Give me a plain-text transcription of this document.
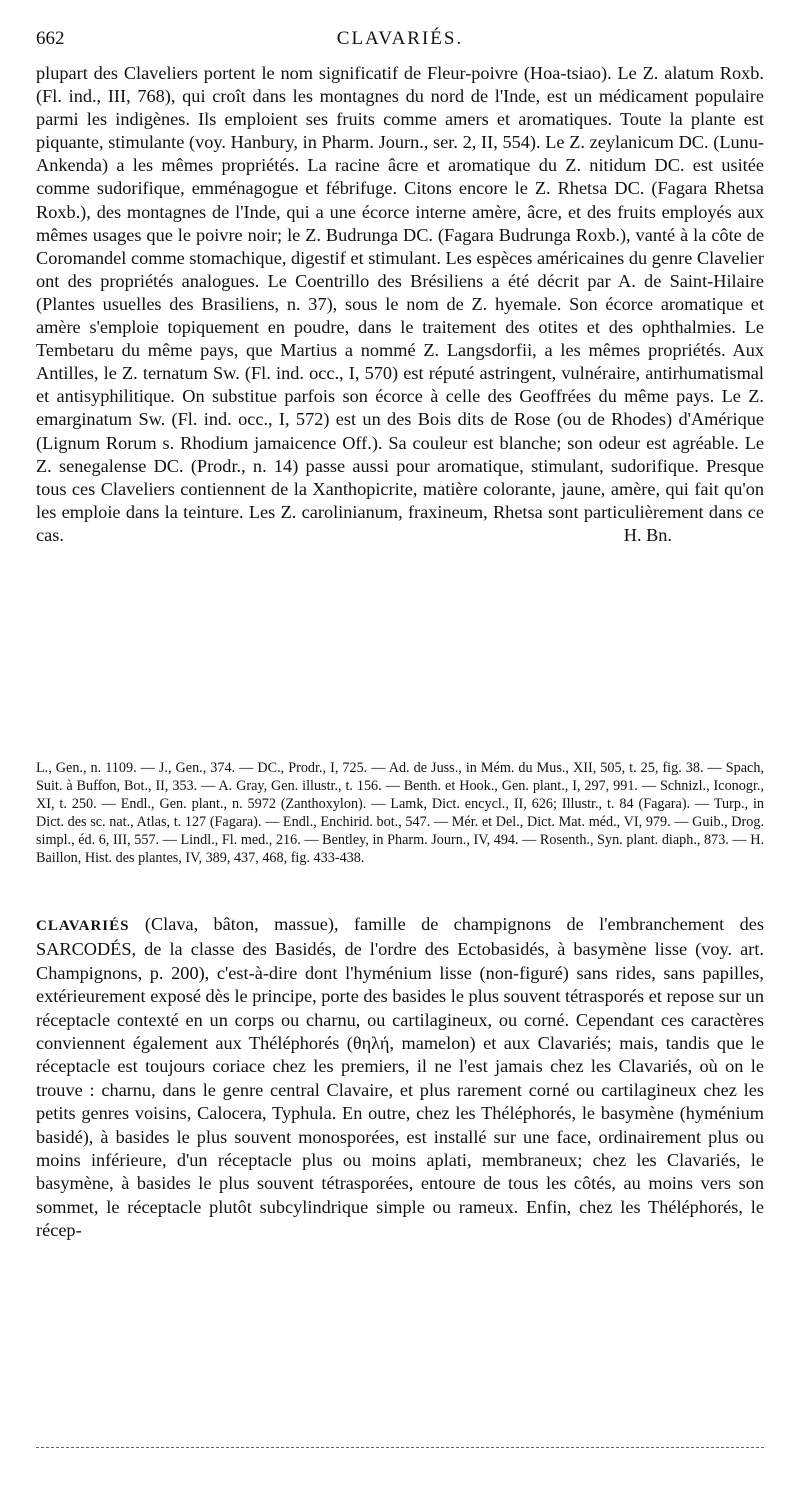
662	CLAVARIÉS.
plupart des Claveliers portent le nom significatif de Fleur-poivre (Hoa-tsiao). Le Z. alatum Roxb. (Fl. ind., III, 768), qui croît dans les montagnes du nord de l'Inde, est un médicament populaire parmi les indigènes. Ils emploient ses fruits comme amers et aromatiques. Toute la plante est piquante, stimulante (voy. Hanbury, in Pharm. Journ., ser. 2, II, 554). Le Z. zeylanicum DC. (Lunu-Ankenda) a les mêmes propriétés. La racine âcre et aromatique du Z. nitidum DC. est usitée comme sudorifique, emménagogue et fébrifuge. Citons encore le Z. Rhetsa DC. (Fagara Rhetsa Roxb.), des montagnes de l'Inde, qui a une écorce interne amère, âcre, et des fruits employés aux mêmes usages que le poivre noir; le Z. Budrunga DC. (Fagara Budrunga Roxb.), vanté à la côte de Coromandel comme stomachique, digestif et stimulant. Les espèces américaines du genre Clavelier ont des propriétés analogues. Le Coentrillo des Brésiliens a été décrit par A. de Saint-Hilaire (Plantes usuelles des Brasiliens, n. 37), sous le nom de Z. hyemale. Son écorce aromatique et amère s'emploie topiquement en poudre, dans le traitement des otites et des ophthalmies. Le Tembetaru du même pays, que Martius a nommé Z. Langsdorfii, a les mêmes propriétés. Aux Antilles, le Z. ternatum Sw. (Fl. ind. occ., I, 570) est réputé astringent, vulnéraire, antirhumatismal et antisyphilitique. On substitue parfois son écorce à celle des Geoffrées du même pays. Le Z. emarginatum Sw. (Fl. ind. occ., I, 572) est un des Bois dits de Rose (ou de Rhodes) d'Amérique (Lignum Rorum s. Rhodium jamaicence Off.). Sa couleur est blanche; son odeur est agréable. Le Z. senegalense DC. (Prodr., n. 14) passe aussi pour aromatique, stimulant, sudorifique. Presque tous ces Claveliers contiennent de la Xanthopicrite, matière colorante, jaune, amère, qui fait qu'on les emploie dans la teinture. Les Z. carolinianum, fraxineum, Rhetsa sont particulièrement dans ce cas.	H. Bn.
L., Gen., n. 1109. — J., Gen., 374. — DC., Prodr., I, 725. — Ad. de Juss., in Mém. du Mus., XII, 505, t. 25, fig. 38. — Spach, Suit. à Buffon, Bot., II, 353. — A. Gray, Gen. illustr., t. 156. — Benth. et Hook., Gen. plant., I, 297, 991. — Schnizl., Iconogr., XI, t. 250. — Endl., Gen. plant., n. 5972 (Zanthoxylon). — Lamk, Dict. encycl., II, 626; Illustr., t. 84 (Fagara). — Turp., in Dict. des sc. nat., Atlas, t. 127 (Fagara). — Endl., Enchirid. bot., 547. — Mér. et Del., Dict. Mat. méd., VI, 979. — Guib., Drog. simpl., éd. 6, III, 557. — Lindl., Fl. med., 216. — Bentley, in Pharm. Journ., IV, 494. — Rosenth., Syn. plant. diaph., 873. — H. Baillon, Hist. des plantes, IV, 389, 437, 468, fig. 433-438.
CLAVARIÉS (Clava, bâton, massue), famille de champignons de l'embranchement des SARCODÉS, de la classe des Basidés, de l'ordre des Ectobasidés, à basymène lisse (voy. art. Champignons, p. 200), c'est-à-dire dont l'hyménium lisse (non-figuré) sans rides, sans papilles, extérieurement exposé dès le principe, porte des basides le plus souvent tétrasporés et repose sur un réceptacle contexté en un corps ou charnu, ou cartilagineux, ou corné. Cependant ces caractères conviennent également aux Théléphorés (θηλή, mamelon) et aux Clavariés; mais, tandis que le réceptacle est toujours coriace chez les premiers, il ne l'est jamais chez les Clavariés, où on le trouve : charnu, dans le genre central Clavaire, et plus rarement corné ou cartilagineux chez les petits genres voisins, Calocera, Typhula. En outre, chez les Théléphorés, le basymène (hyménium basidé), à basides le plus souvent monosporées, est installé sur une face, ordinairement plus ou moins inférieure, d'un réceptacle plus ou moins aplati, membraneux; chez les Clavariés, le basymène, à basides le plus souvent tétrasporées, entoure de tous les côtés, au moins vers son sommet, le réceptacle plutôt subcylindrique simple ou rameux. Enfin, chez les Théléphorés, le récep-
